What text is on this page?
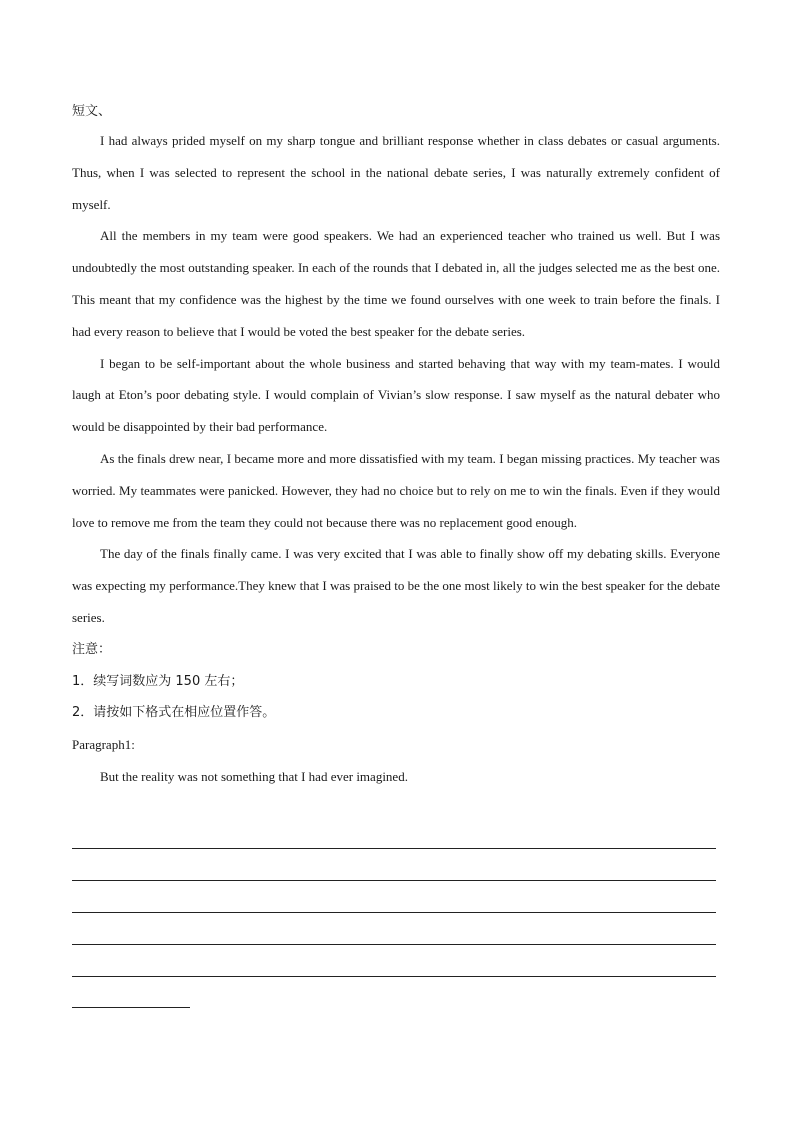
短文、

I had always prided myself on my sharp tongue and brilliant response whether in class debates or casual arguments. Thus, when I was selected to represent the school in the national debate series, I was naturally extremely confident of myself.

All the members in my team were good speakers. We had an experienced teacher who trained us well. But I was undoubtedly the most outstanding speaker. In each of the rounds that I debated in, all the judges selected me as the best one. This meant that my confidence was the highest by the time we found ourselves with one week to train before the finals. I had every reason to believe that I would be voted the best speaker for the debate series.

I began to be self-important about the whole business and started behaving that way with my team-mates. I would laugh at Eton’s poor debating style. I would complain of Vivian’s slow response. I saw myself as the natural debater who would be disappointed by their bad performance.

As the finals drew near, I became more and more dissatisfied with my team. I began missing practices. My teacher was worried. My teammates were panicked. However, they had no choice but to rely on me to win the finals. Even if they would love to remove me from the team they could not because there was no replacement good enough.

The day of the finals finally came. I was very excited that I was able to finally show off my debating skills. Everyone was expecting my performance.They knew that I was praised to be the one most likely to win the best speaker for the debate series.

注意：

1．续写词数应为 150 左右；

2．请按如下格式在相应位置作答。

Paragraph1:

But the reality was not something that I had ever imagined.
